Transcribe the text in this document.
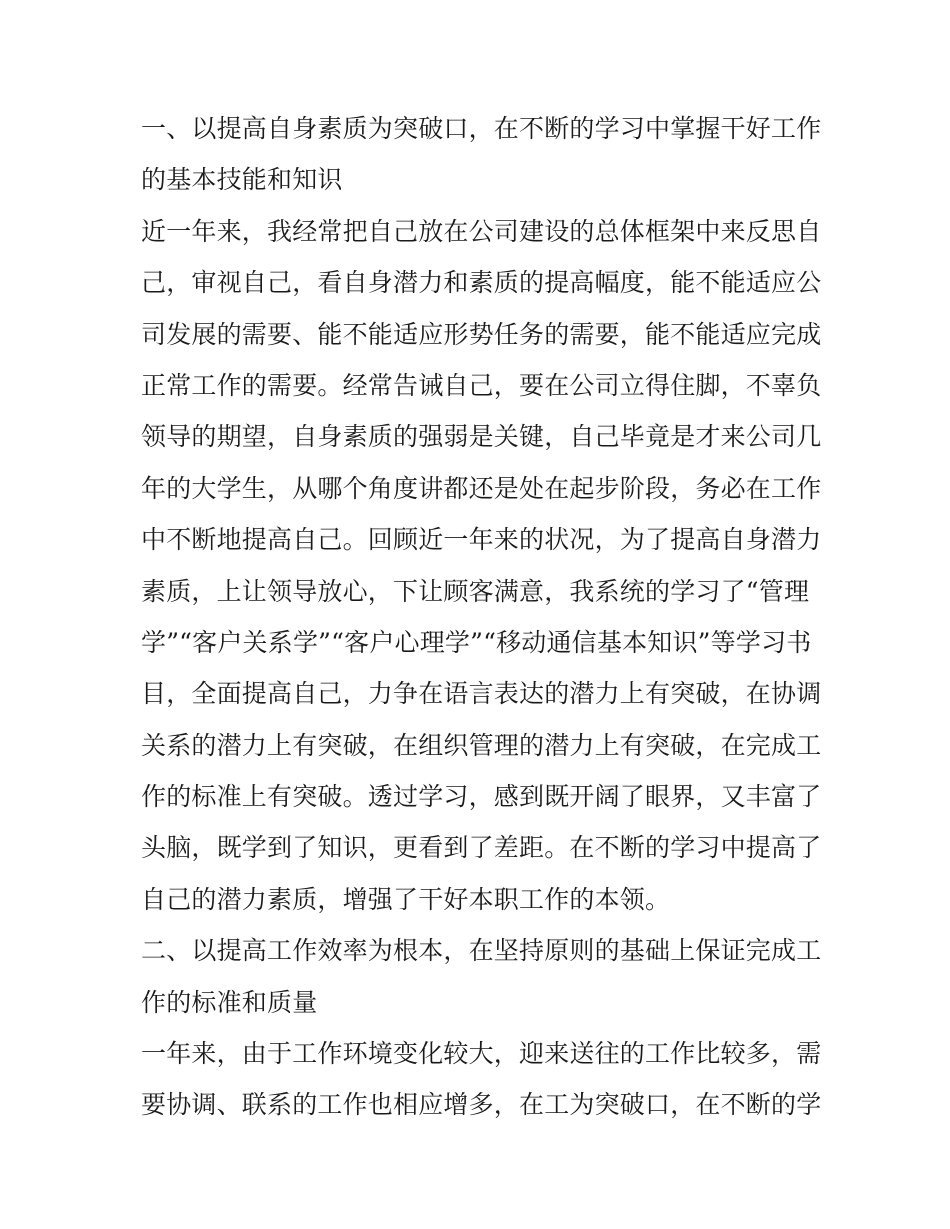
一、以提高自身素质为突破口，在不断的学习中掌握干好工作
的基本技能和知识
近一年来，我经常把自己放在公司建设的总体框架中来反思自
己，审视自己，看自身潜力和素质的提高幅度，能不能适应公
司发展的需要、能不能适应形势任务的需要，能不能适应完成
正常工作的需要。经常告诫自己，要在公司立得住脚，不辜负
领导的期望，自身素质的强弱是关键，自己毕竟是才来公司几
年的大学生，从哪个角度讲都还是处在起步阶段，务必在工作
中不断地提高自己。回顾近一年来的状况，为了提高自身潜力
素质，上让领导放心，下让顾客满意，我系统的学习了“管理
学”“客户关系学”“客户心理学”“移动通信基本知识”等学习书
目，全面提高自己，力争在语言表达的潜力上有突破，在协调
关系的潜力上有突破，在组织管理的潜力上有突破，在完成工
作的标准上有突破。透过学习，感到既开阔了眼界，又丰富了
头脑，既学到了知识，更看到了差距。在不断的学习中提高了
自己的潜力素质，增强了干好本职工作的本领。
二、以提高工作效率为根本，在坚持原则的基础上保证完成工
作的标准和质量
一年来，由于工作环境变化较大，迎来送往的工作比较多，需
要协调、联系的工作也相应增多，在工为突破口，在不断的学
